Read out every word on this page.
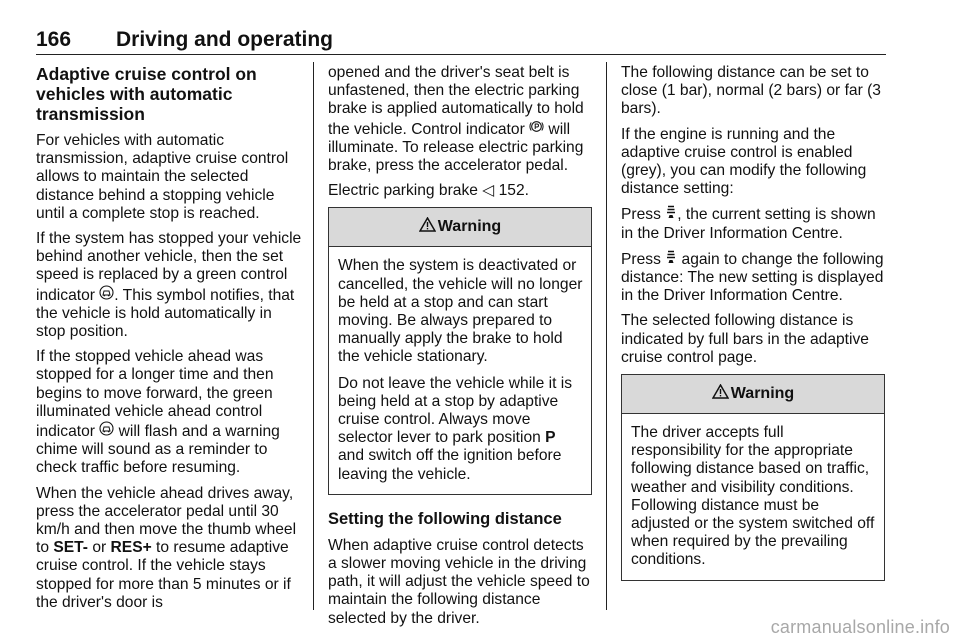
166 Driving and operating
Adaptive cruise control on vehicles with automatic transmission

For vehicles with automatic transmission, adaptive cruise control allows to maintain the selected distance behind a stopping vehicle until a complete stop is reached.

If the system has stopped your vehicle behind another vehicle, then the set speed is replaced by a green control indicator . This symbol notifies, that the vehicle is hold automatically in stop position.

If the stopped vehicle ahead was stopped for a longer time and then begins to move forward, the green illuminated vehicle ahead control indicator  will flash and a warning chime will sound as a reminder to check traffic before resuming.

When the vehicle ahead drives away, press the accelerator pedal until 30 km/h and then move the thumb wheel to SET- or RES+ to resume adaptive cruise control. If the vehicle stays stopped for more than 5 minutes or if the driver's door is

opened and the driver's seat belt is unfastened, then the electric parking brake is applied automatically to hold the vehicle. Control indicator  will illuminate. To release electric parking brake, press the accelerator pedal.

Electric parking brake ◁ 152.

Warning

When the system is deactivated or cancelled, the vehicle will no longer be held at a stop and can start moving. Be always prepared to manually apply the brake to hold the vehicle stationary.

Do not leave the vehicle while it is being held at a stop by adaptive cruise control. Always move selector lever to park position P and switch off the ignition before leaving the vehicle.

Setting the following distance

When adaptive cruise control detects a slower moving vehicle in the driving path, it will adjust the vehicle speed to maintain the following distance selected by the driver.

The following distance can be set to close (1 bar), normal (2 bars) or far (3 bars).

If the engine is running and the adaptive cruise control is enabled (grey), you can modify the following distance setting:

Press , the current setting is shown in the Driver Information Centre.

Press  again to change the following distance: The new setting is displayed in the Driver Information Centre.

The selected following distance is indicated by full bars in the adaptive cruise control page.

Warning

The driver accepts full responsibility for the appropriate following distance based on traffic, weather and visibility conditions. Following distance must be adjusted or the system switched off when required by the prevailing conditions.

carmanualsonline.info
